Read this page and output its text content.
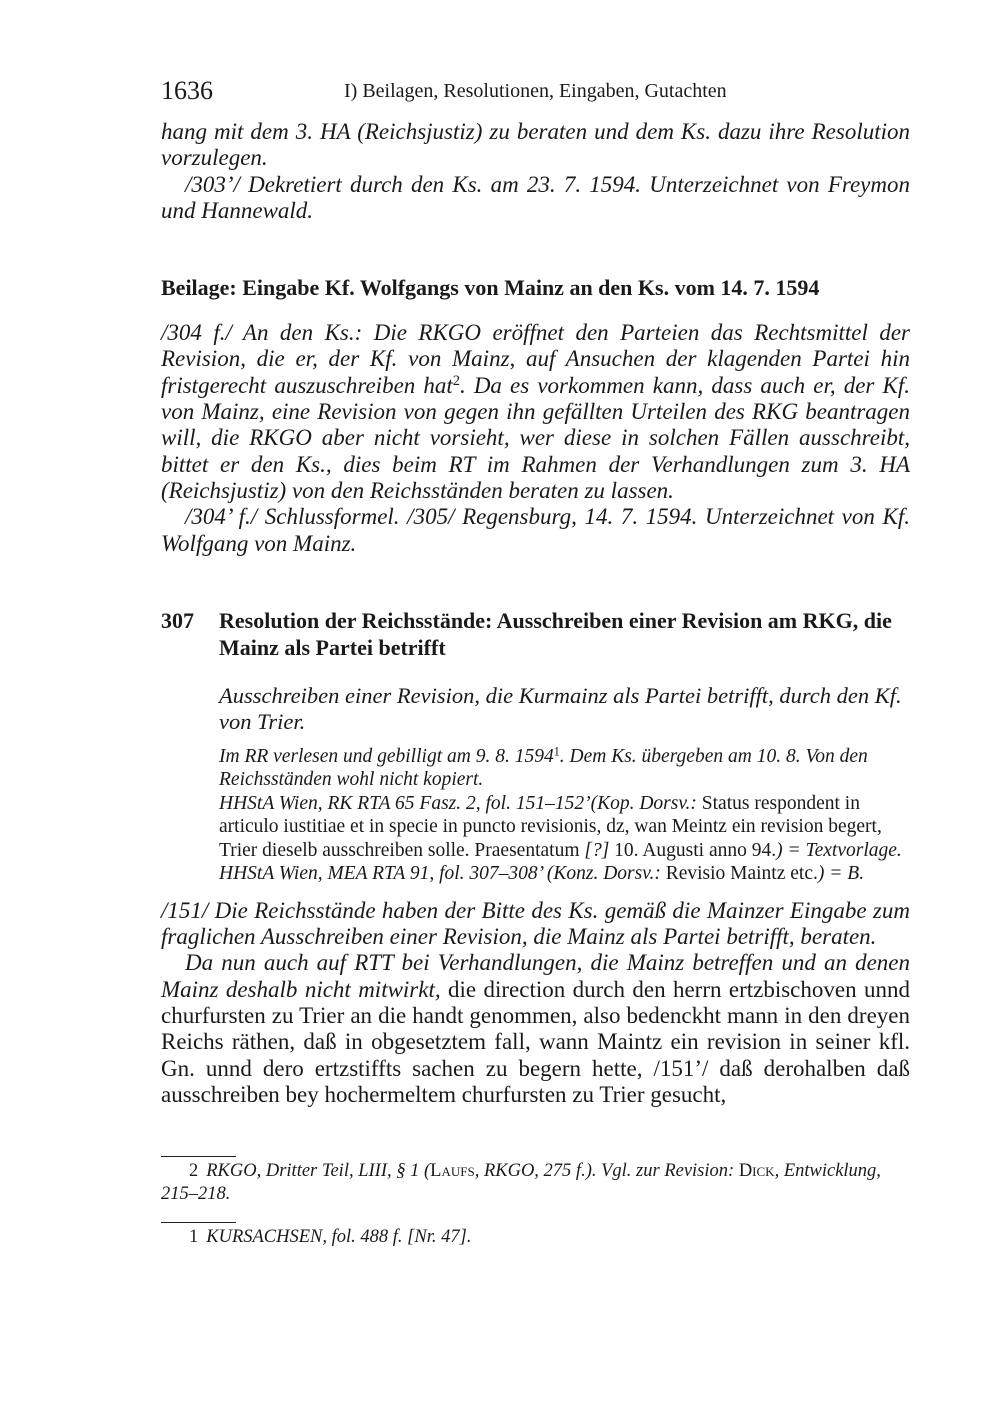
1636	I) Beilagen, Resolutionen, Eingaben, Gutachten

hang mit dem 3. HA (Reichsjustiz) zu beraten und dem Ks. dazu ihre Resolution vorzulegen.

/303’/ Dekretiert durch den Ks. am 23. 7. 1594. Unterzeichnet von Freymon und Hannewald.

Beilage: Eingabe Kf. Wolfgangs von Mainz an den Ks. vom 14. 7. 1594

/304 f./ An den Ks.: Die RKGO eröffnet den Parteien das Rechtsmittel der Revision, die er, der Kf. von Mainz, auf Ansuchen der klagenden Partei hin fristgerecht auszuschreiben hat$^2$. Da es vorkommen kann, dass auch er, der Kf. von Mainz, eine Revision von gegen ihn gefällten Urteilen des RKG beantragen will, die RKGO aber nicht vorsieht, wer diese in solchen Fällen ausschreibt, bittet er den Ks., dies beim RT im Rahmen der Verhandlungen zum 3. HA (Reichsjustiz) von den Reichsständen beraten zu lassen.

/304’ f./ Schlussformel. /305/ Regensburg, 14. 7. 1594. Unterzeichnet von Kf. Wolfgang von Mainz.

307 Resolution der Reichsstände: Ausschreiben einer Revision am RKG, die Mainz als Partei betrifft

Ausschreiben einer Revision, die Kurmainz als Partei betrifft, durch den Kf. von Trier.

Im RR verlesen und gebilligt am 9. 8. 1594$^1$. Dem Ks. übergeben am 10. 8. Von den Reichsständen wohl nicht kopiert.
HHStA Wien, RK RTA 65 Fasz. 2, fol. 151–152’(Kop. Dorsv.: Status respondent in articulo iustitiae et in specie in puncto revisionis, dz, wan Meintz ein revision begert, Trier dieselb ausschreiben solle. Praesentatum [?] 10. Augusti anno 94.) = Textvorlage. HHStA Wien, MEA RTA 91, fol. 307–308’ (Konz. Dorsv.: Revisio Maintz etc.) = B.

/151/ Die Reichsstände haben der Bitte des Ks. gemäß die Mainzer Eingabe zum fraglichen Ausschreiben einer Revision, die Mainz als Partei betrifft, beraten.

Da nun auch auf RTT bei Verhandlungen, die Mainz betreffen und an denen Mainz deshalb nicht mitwirkt, die direction durch den herrn ertzbischoven unnd churfursten zu Trier an die handt genommen, also bedenckht mann in den dreyen Reichs räthen, daß in obgesetztem fall, wann Maintz ein revision in seiner kfl. Gn. unnd dero ertzstiffts sachen zu begern hette, /151’/ daß derohalben daß ausschreiben bey hochermeltem churfursten zu Trier gesucht,

2 RKGO, Dritter Teil, LIII, § 1 (Laufs, RKGO, 275 f.). Vgl. zur Revision: Dick, Entwicklung, 215–218.

1 KURSACHSEN, fol. 488 f. [Nr. 47].
